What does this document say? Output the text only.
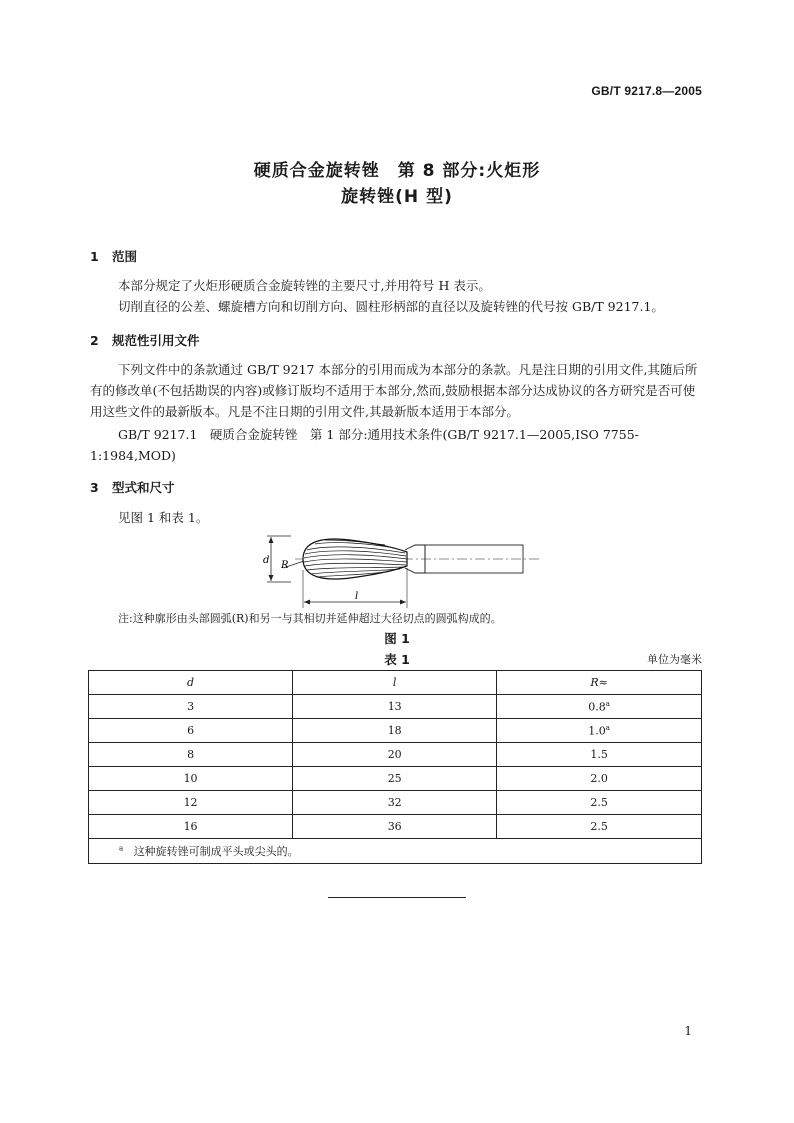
GB/T 9217.8—2005
硬质合金旋转锉　第 8 部分:火炬形
旋转锉(H 型)
1 范围
本部分规定了火炬形硬质合金旋转锉的主要尺寸,并用符号 H 表示。
切削直径的公差、螺旋槽方向和切削方向、圆柱形柄部的直径以及旋转锉的代号按 GB/T 9217.1。
2 规范性引用文件
下列文件中的条款通过 GB/T 9217 本部分的引用而成为本部分的条款。凡是注日期的引用文件,其随后所有的修改单(不包括勘误的内容)或修订版均不适用于本部分,然而,鼓励根据本部分达成协议的各方研究是否可使用这些文件的最新版本。凡是不注日期的引用文件,其最新版本适用于本部分。
GB/T 9217.1　硬质合金旋转锉　第 1 部分:通用技术条件(GB/T 9217.1—2005,ISO 7755-1:1984,MOD)
3 型式和尺寸
见图 1 和表 1。
d R
l
注:这种廓形由头部圆弧(R)和另一与其相切并延伸超过大径切点的圆弧构成的。
图 1
表 1	单位为毫米
d	l	R≈
3	13	0.8$^a$
6	18	1.0$^a$
8	20	1.5
10	25	2.0
12	32	2.5
16	36	2.5
$^a$ 这种旋转锉可制成平头或尖头的。		
1
